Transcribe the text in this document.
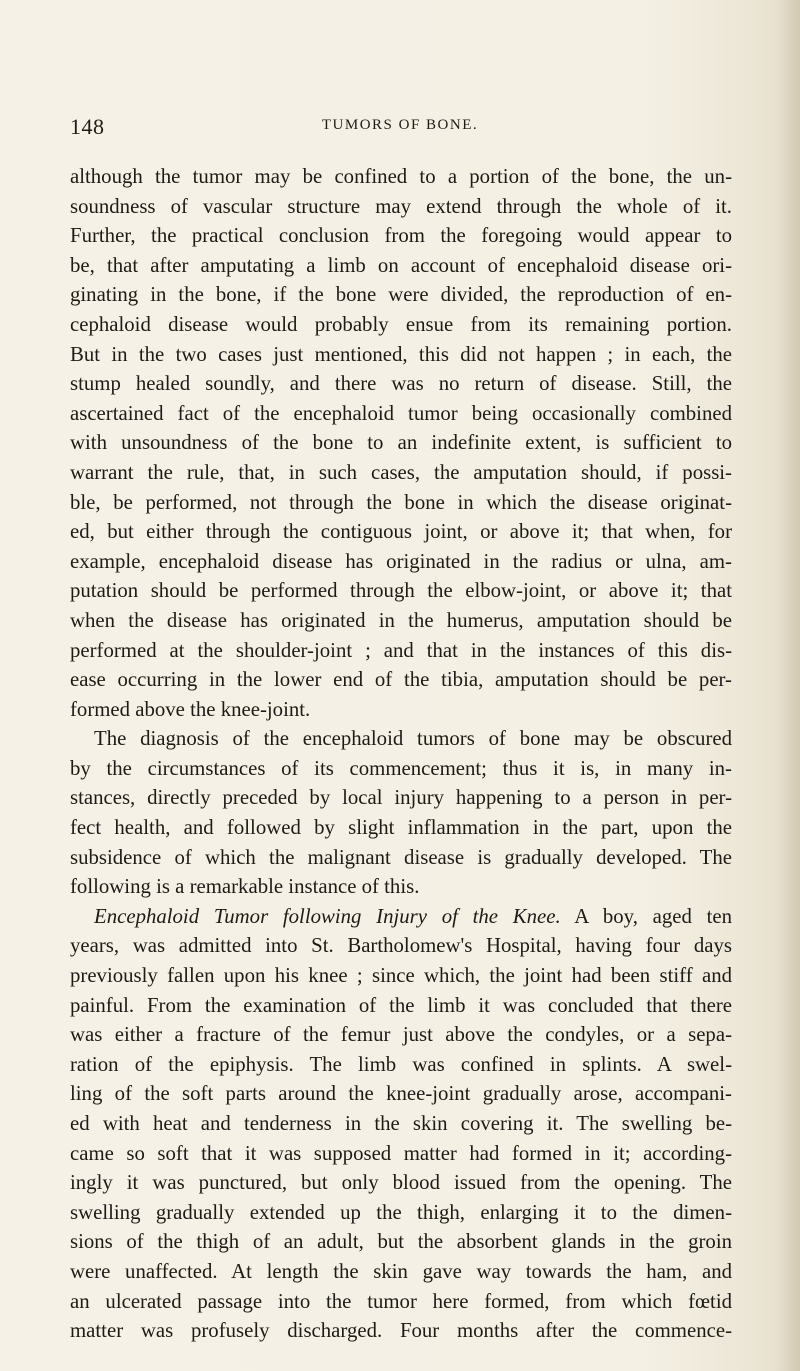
148	TUMORS OF BONE.
although the tumor may be confined to a portion of the bone, the un-
soundness of vascular structure may extend through the whole of it.
Further, the practical conclusion from the foregoing would appear to
be, that after amputating a limb on account of encephaloid disease ori-
ginating in the bone, if the bone were divided, the reproduction of en-
cephaloid disease would probably ensue from its remaining portion.
But in the two cases just mentioned, this did not happen ; in each, the
stump healed soundly, and there was no return of disease. Still, the
ascertained fact of the encephaloid tumor being occasionally combined
with unsoundness of the bone to an indefinite extent, is sufficient to
warrant the rule, that, in such cases, the amputation should, if possi-
ble, be performed, not through the bone in which the disease originat-
ed, but either through the contiguous joint, or above it; that when, for
example, encephaloid disease has originated in the radius or ulna, am-
putation should be performed through the elbow-joint, or above it; that
when the disease has originated in the humerus, amputation should be
performed at the shoulder-joint ; and that in the instances of this dis-
ease occurring in the lower end of the tibia, amputation should be per-
formed above the knee-joint.
The diagnosis of the encephaloid tumors of bone may be obscured
by the circumstances of its commencement; thus it is, in many in-
stances, directly preceded by local injury happening to a person in per-
fect health, and followed by slight inflammation in the part, upon the
subsidence of which the malignant disease is gradually developed. The
following is a remarkable instance of this.
Encephaloid Tumor following Injury of the Knee. A boy, aged ten
years, was admitted into St. Bartholomew's Hospital, having four days
previously fallen upon his knee ; since which, the joint had been stiff and
painful. From the examination of the limb it was concluded that there
was either a fracture of the femur just above the condyles, or a sepa-
ration of the epiphysis. The limb was confined in splints. A swel-
ling of the soft parts around the knee-joint gradually arose, accompani-
ed with heat and tenderness in the skin covering it. The swelling be-
came so soft that it was supposed matter had formed in it; according-
ingly it was punctured, but only blood issued from the opening. The
swelling gradually extended up the thigh, enlarging it to the dimen-
sions of the thigh of an adult, but the absorbent glands in the groin
were unaffected. At length the skin gave way towards the ham, and
an ulcerated passage into the tumor here formed, from which fœtid
matter was profusely discharged. Four months after the commence-
